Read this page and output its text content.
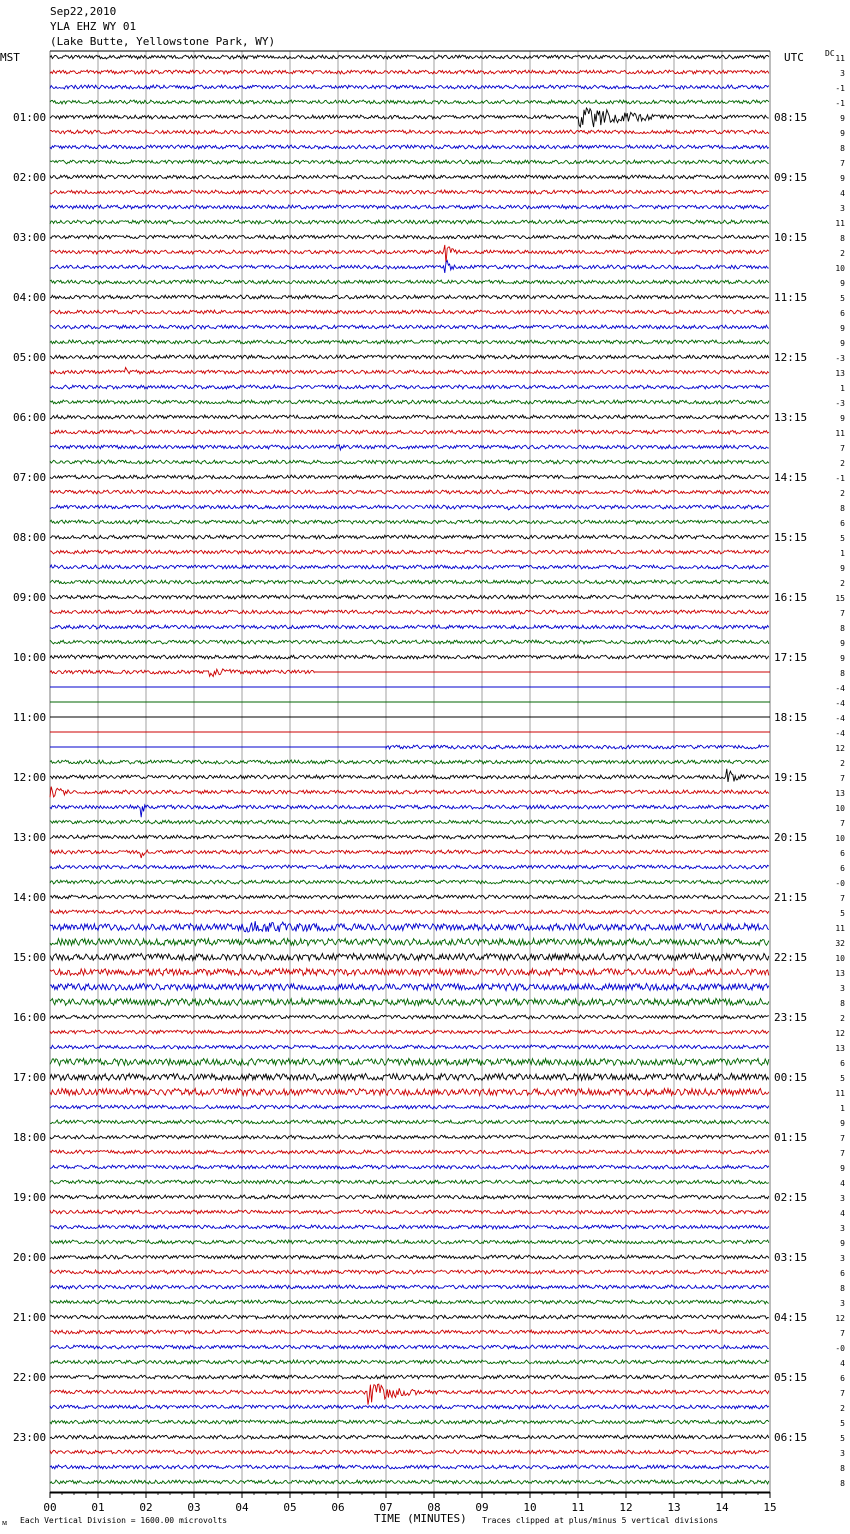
Sep22,2010
YLA EHZ WY 01
(Lake Butte, Yellowstone Park, WY)
MST	UTC	DC
01:00
02:00
03:00
04:00
05:00
06:00
07:00
08:00
09:00
10:00
11:00
12:00
13:00
14:00
15:00
16:00
17:00
18:00
19:00
20:00
21:00
22:00
23:00
08:15
09:15
10:15
11:15
12:15
13:15
14:15
15:15
16:15
17:15
18:15
19:15
20:15
21:15
22:15
23:15
00:15
01:15
02:15
03:15
04:15
05:15
06:15
11
3
-1
-1
9
9
8
7
9
4
3
11
8
2
10
9
5
6
9
9
-3
13
1
-3
9
11
7
2
-1
2
8
6
5
1
9
2
15
7
8
9
9
8
-4
-4
-4
-4
12
2
7
13
10
7
10
6
6
-0
7
5
11
32
10
13
3
8
2
12
13
6
5
11
1
9
7
7
9
4
3
4
3
9
3
6
8
3
12
7
-0
4
6
7
2
5
5
3
8
8
00	01	02	03	04	05	06	07	08	09	10	11	12	13	14	15
Each Vertical Division = 1600.00 microvolts	TIME (MINUTES) Traces clipped at plus/minus 5 vertical divisions
ᴍ
